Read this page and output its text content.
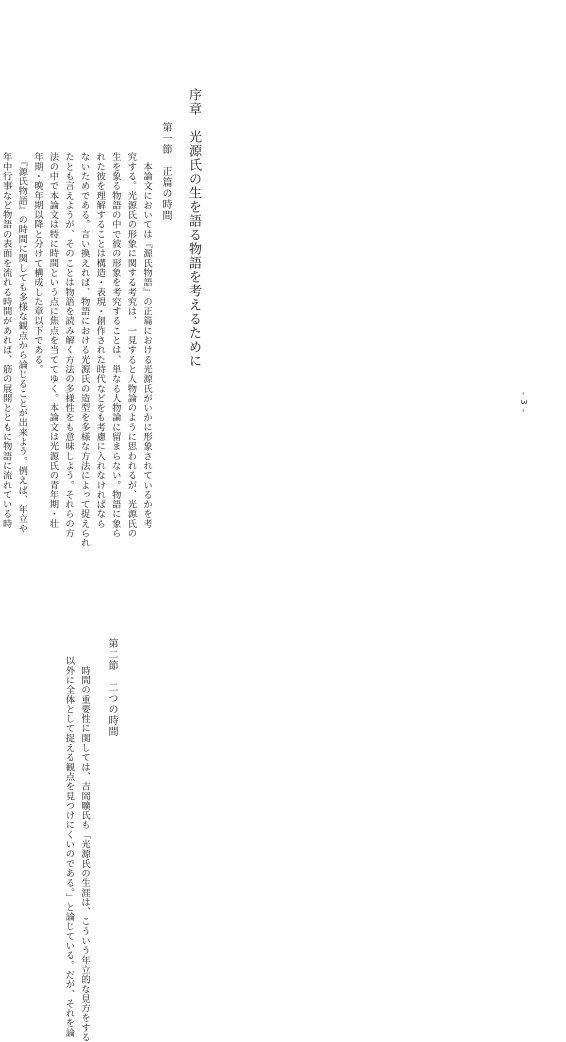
序章　光源氏の生を語る物語を考えるために
第一節　正篇の時間
　本論文においては『源氏物語』の正篇における光源氏がいかに形象されているかを考
究する。光源氏の形象に関する考究は、一見すると人物論のように思われるが、光源氏の
生を象る物語の中で彼の形象を考究することは、単なる人物論に留まらない。物語に象ら
れた彼を理解することは構造・表現・創作された時代などをも考慮に入れなければなら
ないためである。言い換えれば、物語における光源氏の造型を多様な方法によって捉えられ
たとも言えようが、そのことは物語を読み解く方法の多様性をも意味しよう。それらの方
法の中で本論文は特に時間という点に焦点を当ててゆく。本論文は光源氏の青年期・壮
年期・晩年期以降と分けて構成した章以下である。
　『源氏物語』の時間に関しても多様な観点から論じることが出来よう。例えば、年立や
年中行事など物語の表面を流れる時間があれば、筋の展開とともに物語に流れている時
第二節　二つの時間
　時間の重要性に関しては、吉岡曠氏も「光源氏の生涯は、こういう年立的な見方をする
以外に全体として捉える観点を見つけにくいのである。」と論じている。だが、それを論
- 3 -
